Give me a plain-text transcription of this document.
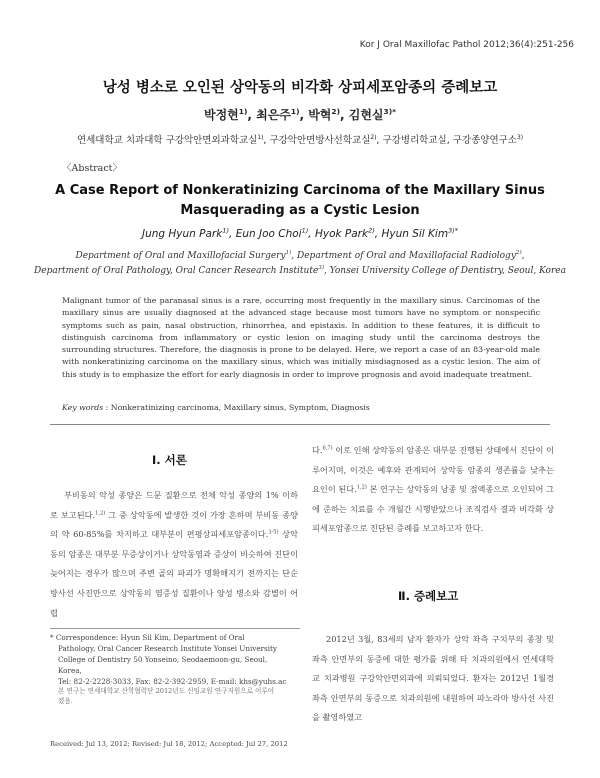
Kor J Oral Maxillofac Pathol 2012;36(4):251-256
낭성 병소로 오인된 상악동의 비각화 상피세포암종의 증례보고
박정현$^{1)}$, 최은주$^{1)}$, 박혁$^{2)}$, 김현실$^{3)*}$
연세대학교 치과대학 구강악안면외과학교실$^{1)}$, 구강악안면방사선학교실$^{2)}$, 구강병리학교실, 구강종양연구소$^{3)}$
〈Abstract〉
A Case Report of Nonkeratinizing Carcinoma of the Maxillary Sinus
Masquerading as a Cystic Lesion
Jung Hyun Park$^{1)}$, Eun Joo Choi$^{1)}$, Hyok Park$^{2)}$, Hyun Sil Kim$^{3)*}$
Department of Oral and Maxillofacial Surgery$^{1)}$, Department of Oral and Maxillofacial Radiology$^{2)}$,
Department of Oral Pathology, Oral Cancer Research Institute$^{3)}$, Yonsei University College of Dentistry, Seoul, Korea
Malignant tumor of the paranasal sinus is a rare, occurring most frequently in the maxillary sinus. Carcinomas of the maxillary sinus are usually diagnosed at the advanced stage because most tumors have no symptom or nonspecific symptoms such as pain, nasal obstruction, rhinorrhea, and epistaxis. In addition to these features, it is difficult to distinguish carcinoma from inflammatory or cystic lesion on imaging study until the carcinoma destroys the surrounding structures. Therefore, the diagnosis is prone to be delayed. Here, we report a case of an 83-year-old male with nonkeratinizing carcinoma on the maxillary sinus, which was initially misdiagnosed as a cystic lesion. The aim of this study is to emphasize the effort for early diagnosis in order to improve prognosis and avoid inadequate treatment.
Key words : Nonkeratinizing carcinoma, Maxillary sinus, Symptom, Diagnosis
Ⅰ. 서론
부비동의 악성 종양은 드문 질환으로 전체 악성 종양의 1% 이하로 보고된다.$^{1,2)}$ 그 중 상악동에 발생한 것이 가장 흔하며 부비동 종양의 약 60-85%를 차지하고 대부분이 편평상피세포암종이다.$^{3-5)}$ 상악동의 암종은 대부분 무증상이거나 상악동염과 증상이 비슷하여 진단이 늦어지는 경우가 많으며 주변 골의 파괴가 명확해지기 전까지는 단순 방사선 사진만으로 상악동의 염증성 질환이나 양성 병소와 감별이 어렵
다.$^{6,7)}$ 이로 인해 상악동의 암종은 대부분 진행된 상태에서 진단이 이루어지며, 이것은 예후와 관계되어 상악동 암종의 생존률을 낮추는 요인이 된다.$^{1,2)}$ 본 연구는 상악동의 낭종 및 점액종으로 오인되어 그에 준하는 치료를 수 개월간 시행받았으나 조직검사 결과 비각화 상피세포암종으로 진단된 증례를 보고하고자 한다.
Ⅱ. 증례보고
2012년 3월, 83세의 남자 환자가 상악 좌측 구치부의 종창 및 좌측 안면부의 동증에 대한 평가를 위해 타 치과의원에서 연세대학교 치과병원 구강악안면외과에 의뢰되었다. 환자는 2012년 1월경 좌측 안면부의 동증으로 치과의원에 내원하여 파노라마 방사선 사진을 촬영하였고
* Correspondence: Hyun Sil Kim, Department of Oral
Pathology, Oral Cancer Research Institute Yonsei University
College of Dentistry 50 Yonseino, Seodaemoon-gu, Seoul,
Korea,
Tel: 82-2-2228-3033, Fax: 82-2-392-2959, E-mail: khs@yuhs.ac
본 연구는 연세대학교 산학협력단 2012년도 신임교원 연구지원으로 이루어
졌음.
Received: Jul 13, 2012; Revised: Jul 18, 2012; Accepted: Jul 27, 2012
